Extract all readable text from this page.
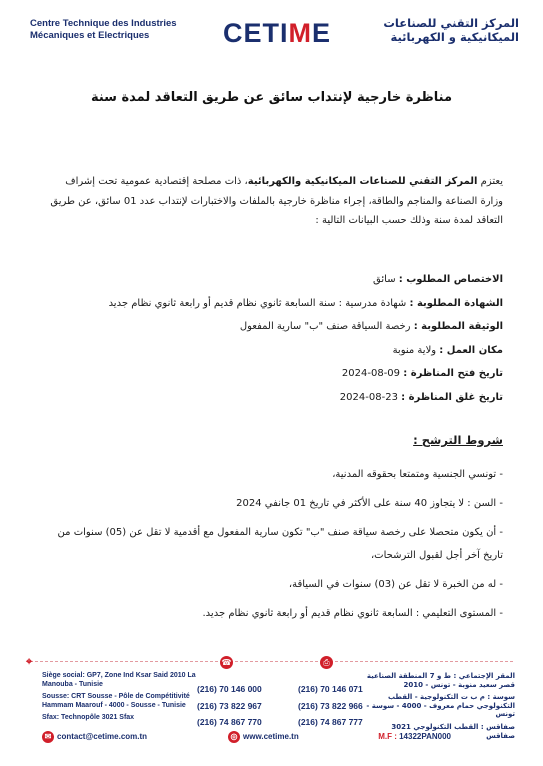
Centre Technique des Industries
Mécaniques et Electriques	CETIME	المركز التقني للصناعات
الميكانيكية و الكهربائية
مناظرة خارجية لإنتداب سائق عن طريق التعاقد لمدة سنة
يعتزم المركز التقني للصناعات الميكانيكية والكهربائية، ذات مصلحة إقتصادية عمومية تحت إشراف وزارة الصناعة والمناجم والطاقة، إجراء مناظرة خارجية بالملفات والاختبارات لإنتداب عدد 01 سائق، عن طريق التعاقد لمدة سنة وذلك حسب البيانات التالية :
الاختصاص المطلوب : سائق
الشهادة المطلوبة : شهادة مدرسية : سنة السابعة ثانوي نظام قديم أو رابعة ثانوي نظام جديد
الوثيقة المطلوبة : رخصة السياقة صنف "ب" سارية المفعول
مكان العمل : ولاية منوبة
تاريخ فتح المناظرة : 09-08-2024
تاريخ غلق المناظرة : 23-08-2024
شروط الترشح :
- تونسي الجنسية ومتمتعا بحقوقه المدنية،
- السن : لا يتجاوز 40 سنة على الأكثر في تاريخ 01 جانفي 2024
- أن يكون متحصلا على رخصة سياقة صنف "ب" تكون سارية المفعول مع أقدمية لا تقل عن (05) سنوات من تاريخ آخر أجل لقبول الترشحات،
- له من الخبرة لا تقل عن (03) سنوات في السياقة،
- المستوى التعليمي : السابعة ثانوي نظام قديم أو رابعة ثانوي نظام جديد.
⌖

Siège social: GP7, Zone Ind Ksar Said 2010 La Manouba - Tunisie

Sousse: CRT Sousse - Pôle de Compétitivité Hammam Maarouf - 4000 - Sousse - Tunisie

Sfax: Technopôle 3021 Sfax

☎
(216) 70 146 000
(216) 73 822 967
(216) 74 867 770
⎙
(216) 70 146 071
(216) 73 822 966
(216) 74 867 777

المقر الإجتماعي : ط و 7 المنطقة الصناعية قصر سعيد منوبة - تونس - 2010

سوسة : م ب ت التكنولوجية - القطب التكنولوجي حمام معروف - 4000 - سوسة - تونس

صفاقس : القطب التكنولوجي 3021 صفاقس

✉ contact@cetime.com.tn	◎ www.cetime.tn	M.F : 14322PAN000
